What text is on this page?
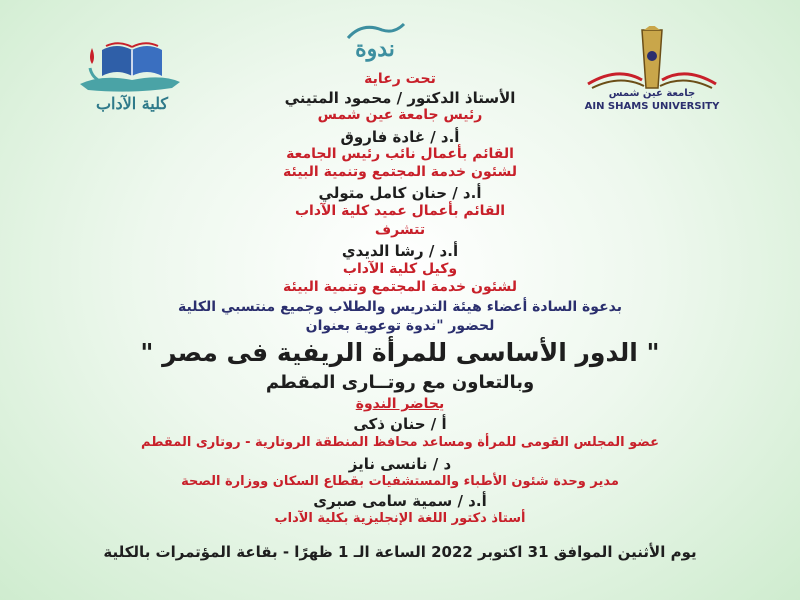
كلية الآداب
ندوة
جامعة عين شمس
AIN SHAMS UNIVERSITY
تحت رعاية
الأستاذ الدكتور / محمود المتيني
رئيس جامعة عين شمس
أ.د / غادة فاروق
القائم بأعمال نائب رئيس الجامعة
لشئون خدمة المجتمع وتنمية البيئة
أ.د / حنان كامل متولي
القائم بأعمال عميد كلية الآداب
تتشرف
أ.د / رشا الديدي
وكيل كلية الآداب
لشئون خدمة المجتمع وتنمية البيئة
بدعوة السادة أعضاء هيئة التدريس والطلاب وجميع منتسبي الكلية
لحضور "ندوة توعوية بعنوان
" الدور الأساسى للمرأة الريفية فى مصر "
وبالتعاون مع روتــارى المقطم
يحاضر الندوة
أ / حنان ذكى
عضو المجلس القومى للمرأة ومساعد محافظ المنطقة الروتارية - روتارى المقطم
د / نانسى نايز
مدير وحدة شئون الأطباء والمستشفيات بقطاع السكان ووزارة الصحة
أ.د / سمية سامى صبرى
أستاذ دكتور اللغة الإنجليزية بكلية الآداب
يوم الأثنين الموافق 31 اكتوبر 2022 الساعة الـ 1 ظهرًا - بقاعة المؤتمرات بالكلية
